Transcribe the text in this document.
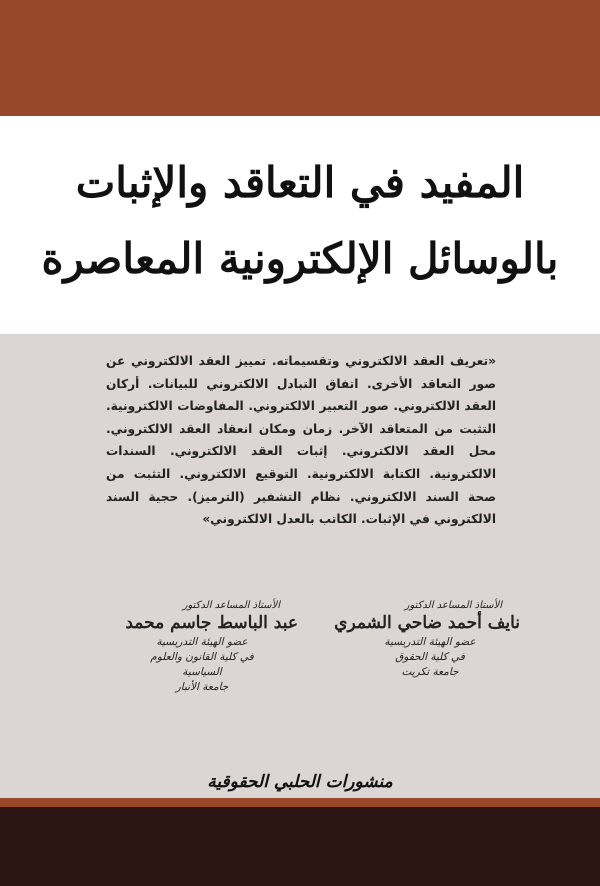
المفيد في التعاقد والإثبات
بالوسائل الإلكترونية المعاصرة
«تعريف العقد الالكتروني وتقسيماته. تمييز العقد الالكتروني عن صور التعاقد الأخرى. اتفاق التبادل الالكتروني للبيانات. أركان العقد الالكتروني. صور التعبير الالكتروني. المفاوضات الالكترونية. التثبت من المتعاقد الآخر. زمان ومكان انعقاد العقد الالكتروني. محل العقد الالكتروني. إثبات العقد الالكتروني. السندات الالكترونية. الكتابة الالكترونية. التوقيع الالكتروني. التثبت من صحة السند الالكتروني. نظام التشفير (الترميز). حجية السند الالكتروني في الإثبات. الكاتب بالعدل الالكتروني»
الأستاذ المساعد الدكتور
نايف أحمد ضاحي الشمري
عضو الهيئة التدريسية
في كلية الحقوق
جامعة تكريت
الأستاذ المساعد الدكتور
عبد الباسط جاسم محمد
عضو الهيئة التدريسية
في كلية القانون والعلوم السياسية
جامعة الأنبار
منشورات الحلبي الحقوقية
